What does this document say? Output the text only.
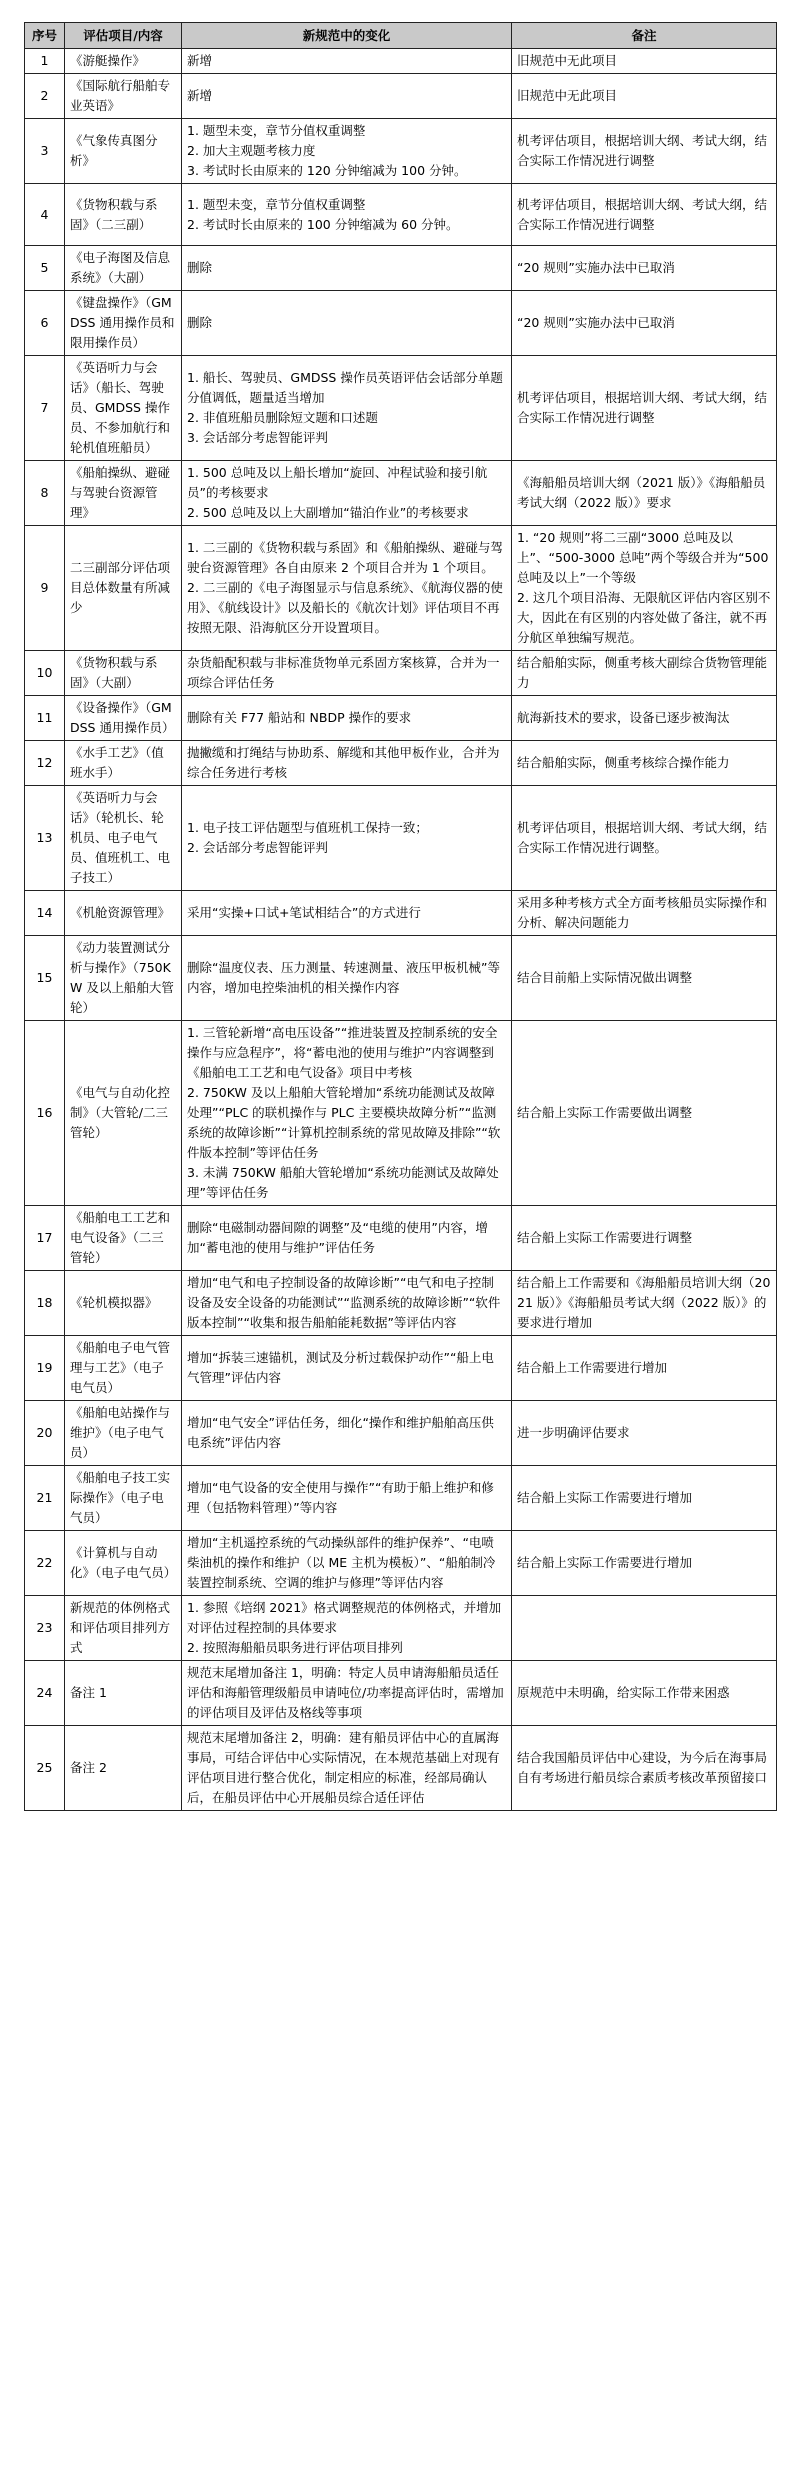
序号	评估项目/内容	新规范中的变化	备注
1	《游艇操作》	新增	旧规范中无此项目

2	《国际航行船舶专业英语》	新增	旧规范中无此项目

3	《气象传真图分析》	1. 题型未变，章节分值权重调整
2. 加大主观题考核力度
3. 考试时长由原来的 120 分钟缩减为 100 分钟。	机考评估项目，根据培训大纲、考试大纲，结合实际工作情况进行调整

4	《货物积载与系固》（二三副）	1. 题型未变，章节分值权重调整
2. 考试时长由原来的 100 分钟缩减为 60 分钟。	机考评估项目，根据培训大纲、考试大纲，结合实际工作情况进行调整

5	《电子海图及信息系统》（大副）	删除	“20 规则”实施办法中已取消

6	《键盘操作》（GMDSS 通用操作员和限用操作员）	删除	“20 规则”实施办法中已取消

7	《英语听力与会话》（船长、驾驶员、GMDSS 操作员、不参加航行和轮机值班船员）	1. 船长、驾驶员、GMDSS 操作员英语评估会话部分单题分值调低，题量适当增加
2. 非值班船员删除短文题和口述题
3. 会话部分考虑智能评判	机考评估项目，根据培训大纲、考试大纲，结合实际工作情况进行调整

8	《船舶操纵、避碰与驾驶台资源管理》	1. 500 总吨及以上船长增加“旋回、冲程试验和接引航员”的考核要求
2. 500 总吨及以上大副增加“锚泊作业”的考核要求	《海船船员培训大纲（2021 版）》《海船船员考试大纲（2022 版）》要求

9	二三副部分评估项目总体数量有所减少	1. 二三副的《货物积载与系固》和《船舶操纵、避碰与驾驶台资源管理》各自由原来 2 个项目合并为 1 个项目。
2. 二三副的《电子海图显示与信息系统》、《航海仪器的使用》、《航线设计》以及船长的《航次计划》评估项目不再按照无限、沿海航区分开设置项目。	1. “20 规则”将二三副“3000 总吨及以上”、“500-3000 总吨”两个等级合并为“500 总吨及以上”一个等级
2. 这几个项目沿海、无限航区评估内容区别不大，因此在有区别的内容处做了备注，就不再分航区单独编写规范。

10	《货物积载与系固》（大副）	杂货船配积载与非标准货物单元系固方案核算，合并为一项综合评估任务	结合船舶实际，侧重考核大副综合货物管理能力

11	《设备操作》（GMDSS 通用操作员）	删除有关 F77 船站和 NBDP 操作的要求	航海新技术的要求，设备已逐步被淘汰

12	《水手工艺》（值班水手）	抛撇缆和打绳结与协助系、解缆和其他甲板作业，合并为综合任务进行考核	结合船舶实际，侧重考核综合操作能力

13	《英语听力与会话》（轮机长、轮机员、电子电气员、值班机工、电子技工）	1. 电子技工评估题型与值班机工保持一致；
2. 会话部分考虑智能评判	机考评估项目，根据培训大纲、考试大纲，结合实际工作情况进行调整。

14	《机舱资源管理》	采用“实操+口试+笔试相结合”的方式进行	采用多种考核方式全方面考核船员实际操作和分析、解决问题能力

15	《动力装置测试分析与操作》（750KW 及以上船舶大管轮）	删除“温度仪表、压力测量、转速测量、液压甲板机械”等内容，增加电控柴油机的相关操作内容	结合目前船上实际情况做出调整

16	《电气与自动化控制》（大管轮/二三管轮）	1. 三管轮新增“高电压设备”“推进装置及控制系统的安全操作与应急程序”，将“蓄电池的使用与维护”内容调整到《船舶电工工艺和电气设备》项目中考核
2. 750KW 及以上船舶大管轮增加“系统功能测试及故障处理”“PLC 的联机操作与 PLC 主要模块故障分析”“监测系统的故障诊断”“计算机控制系统的常见故障及排除”“软件版本控制”等评估任务
3. 未满 750KW 船舶大管轮增加“系统功能测试及故障处理”等评估任务	结合船上实际工作需要做出调整

17	《船舶电工工艺和电气设备》（二三管轮）	删除“电磁制动器间隙的调整”及“电缆的使用”内容，增加“蓄电池的使用与维护”评估任务	结合船上实际工作需要进行调整

18	《轮机模拟器》	增加“电气和电子控制设备的故障诊断”“电气和电子控制设备及安全设备的功能测试”“监测系统的故障诊断”“软件版本控制”“收集和报告船舶能耗数据”等评估内容	结合船上工作需要和《海船船员培训大纲（2021 版）》《海船船员考试大纲（2022 版）》的要求进行增加

19	《船舶电子电气管理与工艺》（电子电气员）	增加“拆装三速锚机，测试及分析过载保护动作”“船上电气管理”评估内容	结合船上工作需要进行增加

20	《船舶电站操作与维护》（电子电气员）	增加“电气安全”评估任务，细化“操作和维护船舶高压供电系统”评估内容	进一步明确评估要求

21	《船舶电子技工实际操作》（电子电气员）	增加“电气设备的安全使用与操作”“有助于船上维护和修理（包括物料管理）”等内容	结合船上实际工作需要进行增加

22	《计算机与自动化》（电子电气员）	增加“主机遥控系统的气动操纵部件的维护保养”、“电喷柴油机的操作和维护（以 ME 主机为模板）”、“船舶制冷装置控制系统、空调的维护与修理”等评估内容	结合船上实际工作需要进行增加

23	新规范的体例格式和评估项目排列方式	1. 参照《培纲 2021》格式调整规范的体例格式，并增加对评估过程控制的具体要求
2. 按照海船船员职务进行评估项目排列	

24	备注 1	规范末尾增加备注 1，明确：特定人员申请海船船员适任评估和海船管理级船员申请吨位/功率提高评估时，需增加的评估项目及评估及格线等事项	原规范中未明确，给实际工作带来困惑

25	备注 2	规范末尾增加备注 2，明确：建有船员评估中心的直属海事局，可结合评估中心实际情况，在本规范基础上对现有评估项目进行整合优化，制定相应的标准，经部局确认后，在船员评估中心开展船员综合适任评估	结合我国船员评估中心建设，为今后在海事局自有考场进行船员综合素质考核改革预留接口
